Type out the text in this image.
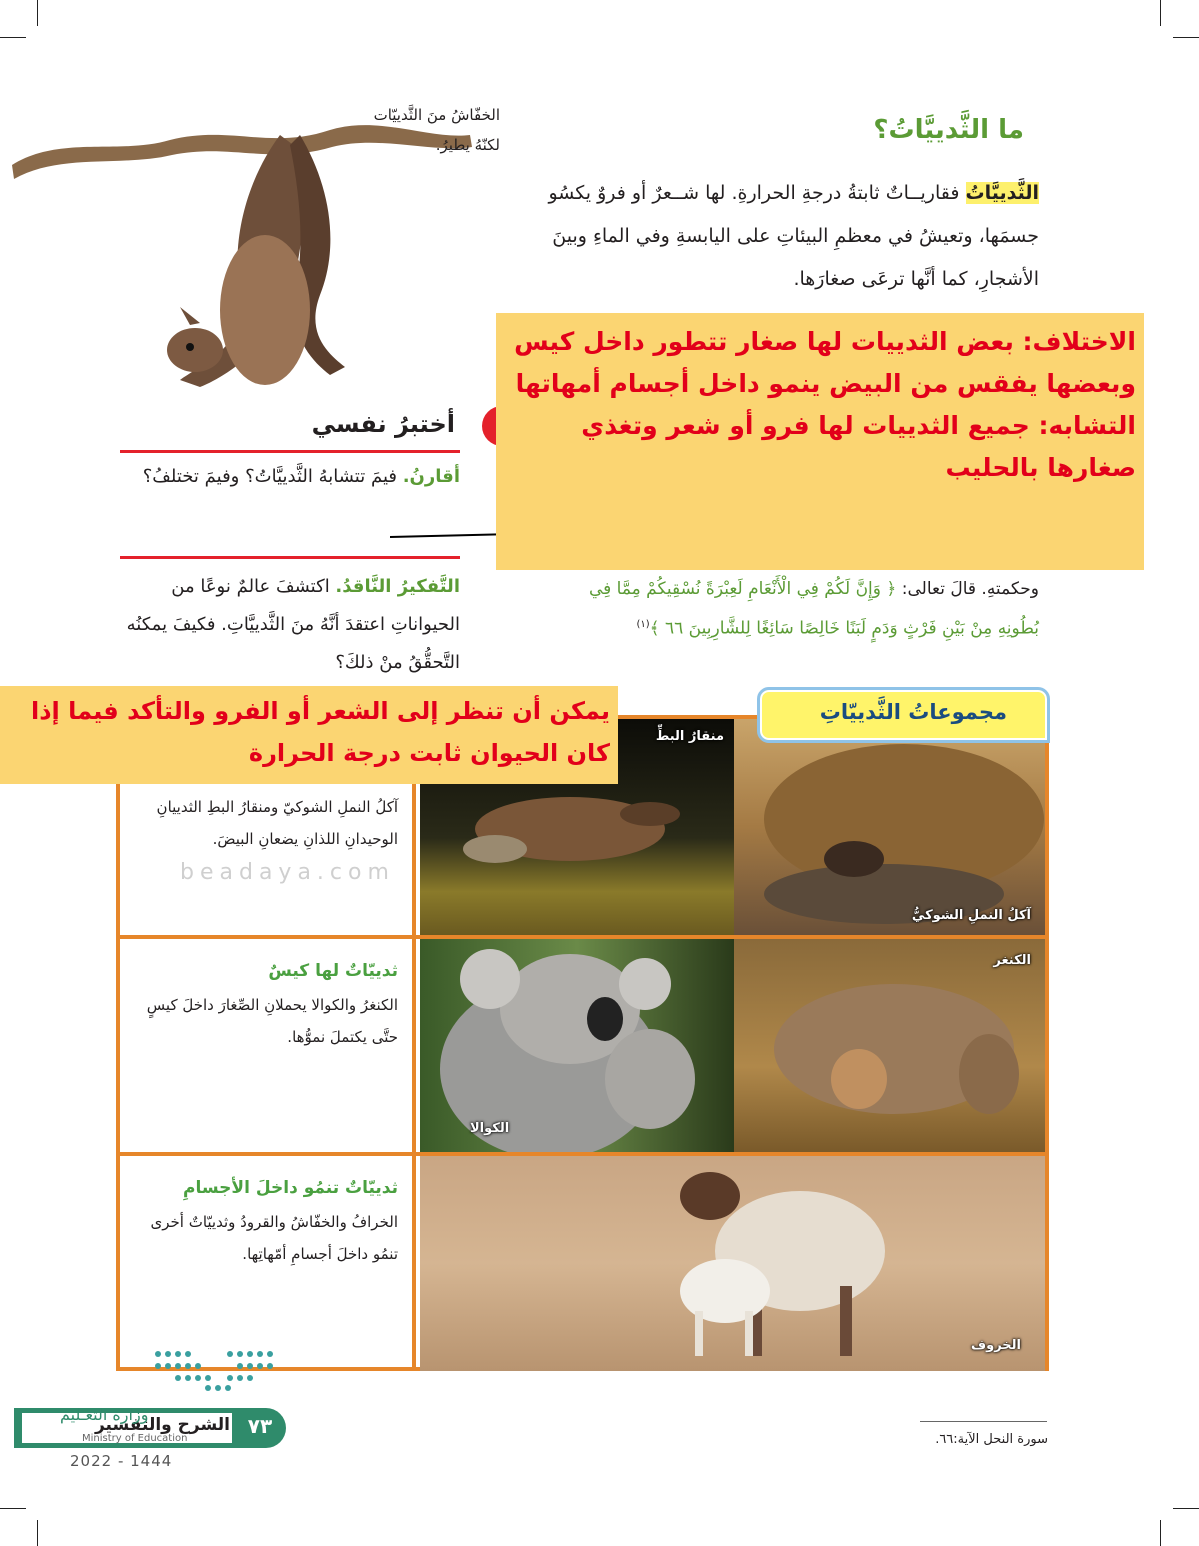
الخفّاشُ منَ الثَّدييّات
لكنّهُ يطيرُ.	ما الثَّدييَّاتُ؟
الثَّدييَّاتُ فقاريــاتٌ ثابتةُ درجةِ الحرارةِ. لها شــعرٌ أو فروٌ يكسُو جسمَها، وتعيشُ في معظمِ البيئاتِ على اليابسةِ وفي الماءِ وبينَ الأشجارِ، كما أنَّها ترعَى صغارَها.
أختبرُ نفسي
أقارنُ. فيمَ تتشابهُ الثَّدييَّاتُ؟ وفيمَ تختلفُ؟
التَّفكيرُ النَّاقدُ. اكتشفَ عالمٌ نوعًا من الحيواناتِ اعتقدَ أنَّهُ منَ الثَّدييَّاتِ. فكيفَ يمكنُه التَّحقُّقُ منْ ذلكَ؟
وحكمتهِ. قالَ تعالى: ﴿ وَإِنَّ لَكُمْ فِي الْأَنْعَامِ لَعِبْرَةً نُسْقِيكُمْ مِمَّا فِي
بُطُونِهِ مِنْ بَيْنِ فَرْثٍ وَدَمٍ لَبَنًا خَالِصًا سَائِغًا لِلشَّارِبِينَ ٦٦ ﴾$^{(١)}$
الاختلاف: بعض الثدييات لها صغار تتطور داخل كيس وبعضها يفقس من البيض ينمو داخل أجسام أمهاتها
التشابه: جميع الثدييات لها فرو أو شعر وتغذي صغارها بالحليب
آكلُ النملِ الشوكيّ ومنقارُ البطِ الثدييانِ الوحيدانِ اللذانِ يضعانِ البيضَ.
منقارُ البطِّ
آكلُ النملِ الشوكيُّ
ثدييّاتٌ لها كيسٌ
الكنغرُ والكوالا يحملانِ الصِّغارَ داخلَ كيسٍ حتَّى يكتملَ نموُّها.
الكوالا
الكنغر
ثدييّاتٌ تنمُو داخلَ الأجسامِ
الخرافُ والخفّاشُ والقرودُ وثدييّاتٌ أخرى تنمُو داخلَ أجسامِ أمّهاتِها.
الخروف
مجموعاتُ الثَّدييّاتِ
beadaya.com
يمكن أن تنظر إلى الشعر أو الفرو والتأكد فيما إذا كان الحيوان ثابت درجة الحرارة
٧٣
الشرح والتفسير
وزارة التعـليم
Ministry of Education
2022 - 1444
سورة النحل الآية:٦٦.
